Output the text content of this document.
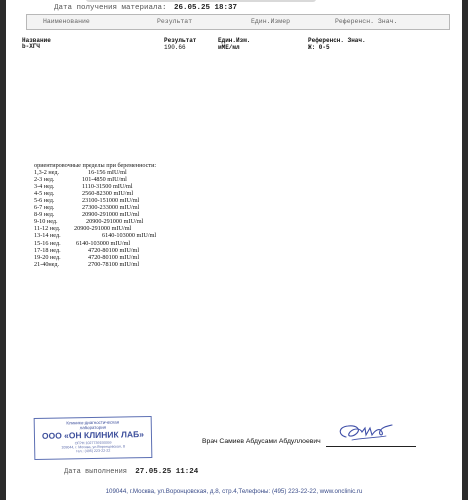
Дата получения материала: 26.05.25 18:37
Наименование	Результат	Един.Измер	Референсн. Знач.
Название	Результат	Един.Изм.	Референсн. Знач.
b-ХГЧ	190.66	мМЕ/мл	Ж: 0-5
ориентировочные пределы при беременности:
1,3-2 нед.	16-156 mIU/ml
2-3 нед.	101-4850 mIU/ml
3-4 нед.	1110-31500 mIU/ml
4-5 нед.	2560-82300 mIU/ml
5-6 нед.	23100-151000 mIU/ml
6-7 нед.	27300-233000 mIU/ml
8-9 нед.	20900-291000 mIU/ml
9-10 нед.	20900-291000 mIU/ml
11-12 нед. 20900-291000 mIU/ml
13-14 нед.	6140-103000 mIU/ml
15-16 нед. 6140-103000 mIU/ml
17-18 нед.	4720-80100 mIU/ml
19-20 нед.	4720-80100 mIU/ml
21-40нед.	2700-78100 mIU/ml
Клинико-диагностическая
лаборатория
ООО «ОН КЛИНИК ЛАБ»
ОГРН 1027739155559
109044, г. Москва, ул.Воронцовская, 8
тел.: (495) 223-22-22
Врач Самиев Абдусами Абдуллоевич
Дата выполнения 27.05.25 11:24
109044, г.Москва, ул.Воронцовская, д.8, стр.4,Телефоны: (495) 223-22-22, www.onclinic.ru
